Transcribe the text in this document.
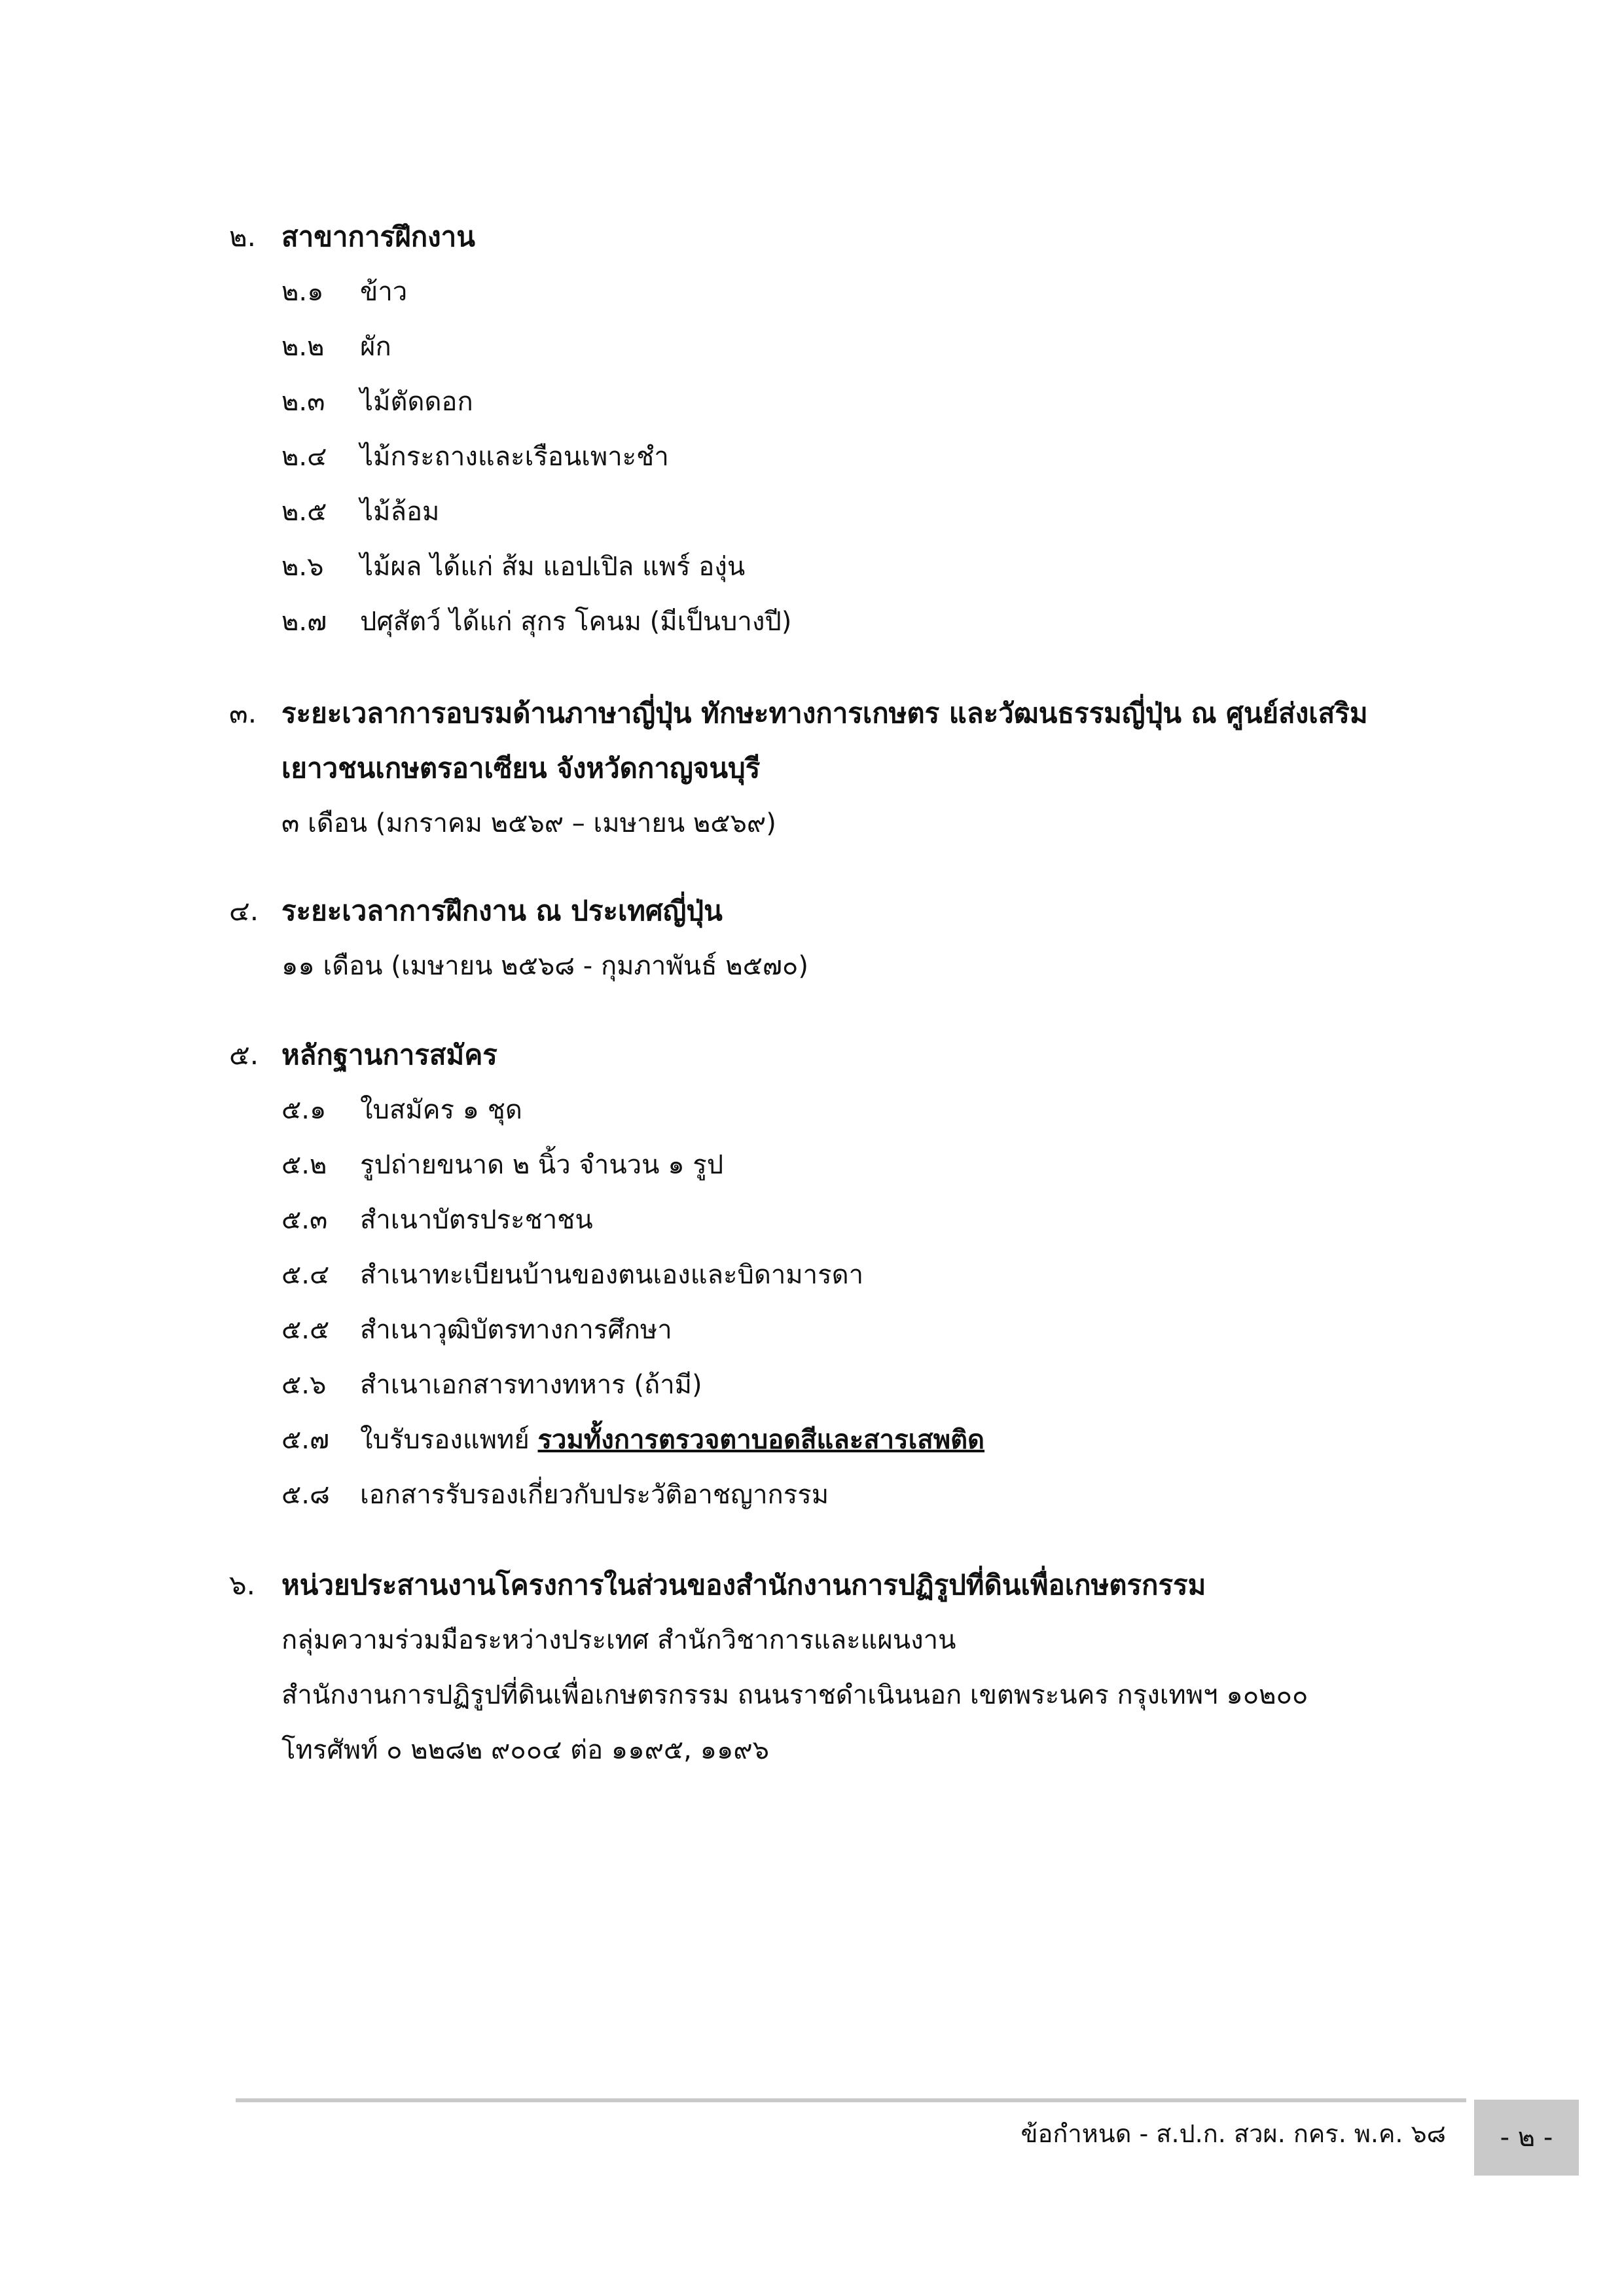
๒. สาขาการฝึกงาน
๒.๑ ข้าว
๒.๒ ผัก
๒.๓ ไม้ตัดดอก
๒.๔ ไม้กระถางและเรือนเพาะชำ
๒.๕ ไม้ล้อม
๒.๖ ไม้ผล ได้แก่ ส้ม แอปเปิล แพร์ องุ่น
๒.๗ ปศุสัตว์ ได้แก่ สุกร โคนม (มีเป็นบางปี)
๓. ระยะเวลาการอบรมด้านภาษาญี่ปุ่น ทักษะทางการเกษตร และวัฒนธรรมญี่ปุ่น ณ ศูนย์ส่งเสริม
เยาวชนเกษตรอาเซียน จังหวัดกาญจนบุรี
๓ เดือน (มกราคม ๒๕๖๙ – เมษายน ๒๕๖๙)
๔. ระยะเวลาการฝึกงาน ณ ประเทศญี่ปุ่น
๑๑ เดือน (เมษายน ๒๕๖๘ - กุมภาพันธ์ ๒๕๗๐)
๕. หลักฐานการสมัคร
๕.๑ ใบสมัคร ๑ ชุด
๕.๒ รูปถ่ายขนาด ๒ นิ้ว จำนวน ๑ รูป
๕.๓ สำเนาบัตรประชาชน
๕.๔ สำเนาทะเบียนบ้านของตนเองและบิดามารดา
๕.๕ สำเนาวุฒิบัตรทางการศึกษา
๕.๖ สำเนาเอกสารทางทหาร (ถ้ามี)
๕.๗ ใบรับรองแพทย์ รวมทั้งการตรวจตาบอดสีและสารเสพติด
๕.๘ เอกสารรับรองเกี่ยวกับประวัติอาชญากรรม
๖. หน่วยประสานงานโครงการในส่วนของสำนักงานการปฏิรูปที่ดินเพื่อเกษตรกรรม
กลุ่มความร่วมมือระหว่างประเทศ สำนักวิชาการและแผนงาน
สำนักงานการปฏิรูปที่ดินเพื่อเกษตรกรรม ถนนราชดำเนินนอก เขตพระนคร กรุงเทพฯ ๑๐๒๐๐
โทรศัพท์ ๐ ๒๒๘๒ ๙๐๐๔ ต่อ ๑๑๙๕, ๑๑๙๖
ข้อกำหนด - ส.ป.ก. สวผ. กคร. พ.ค. ๖๘	- ๒ -
